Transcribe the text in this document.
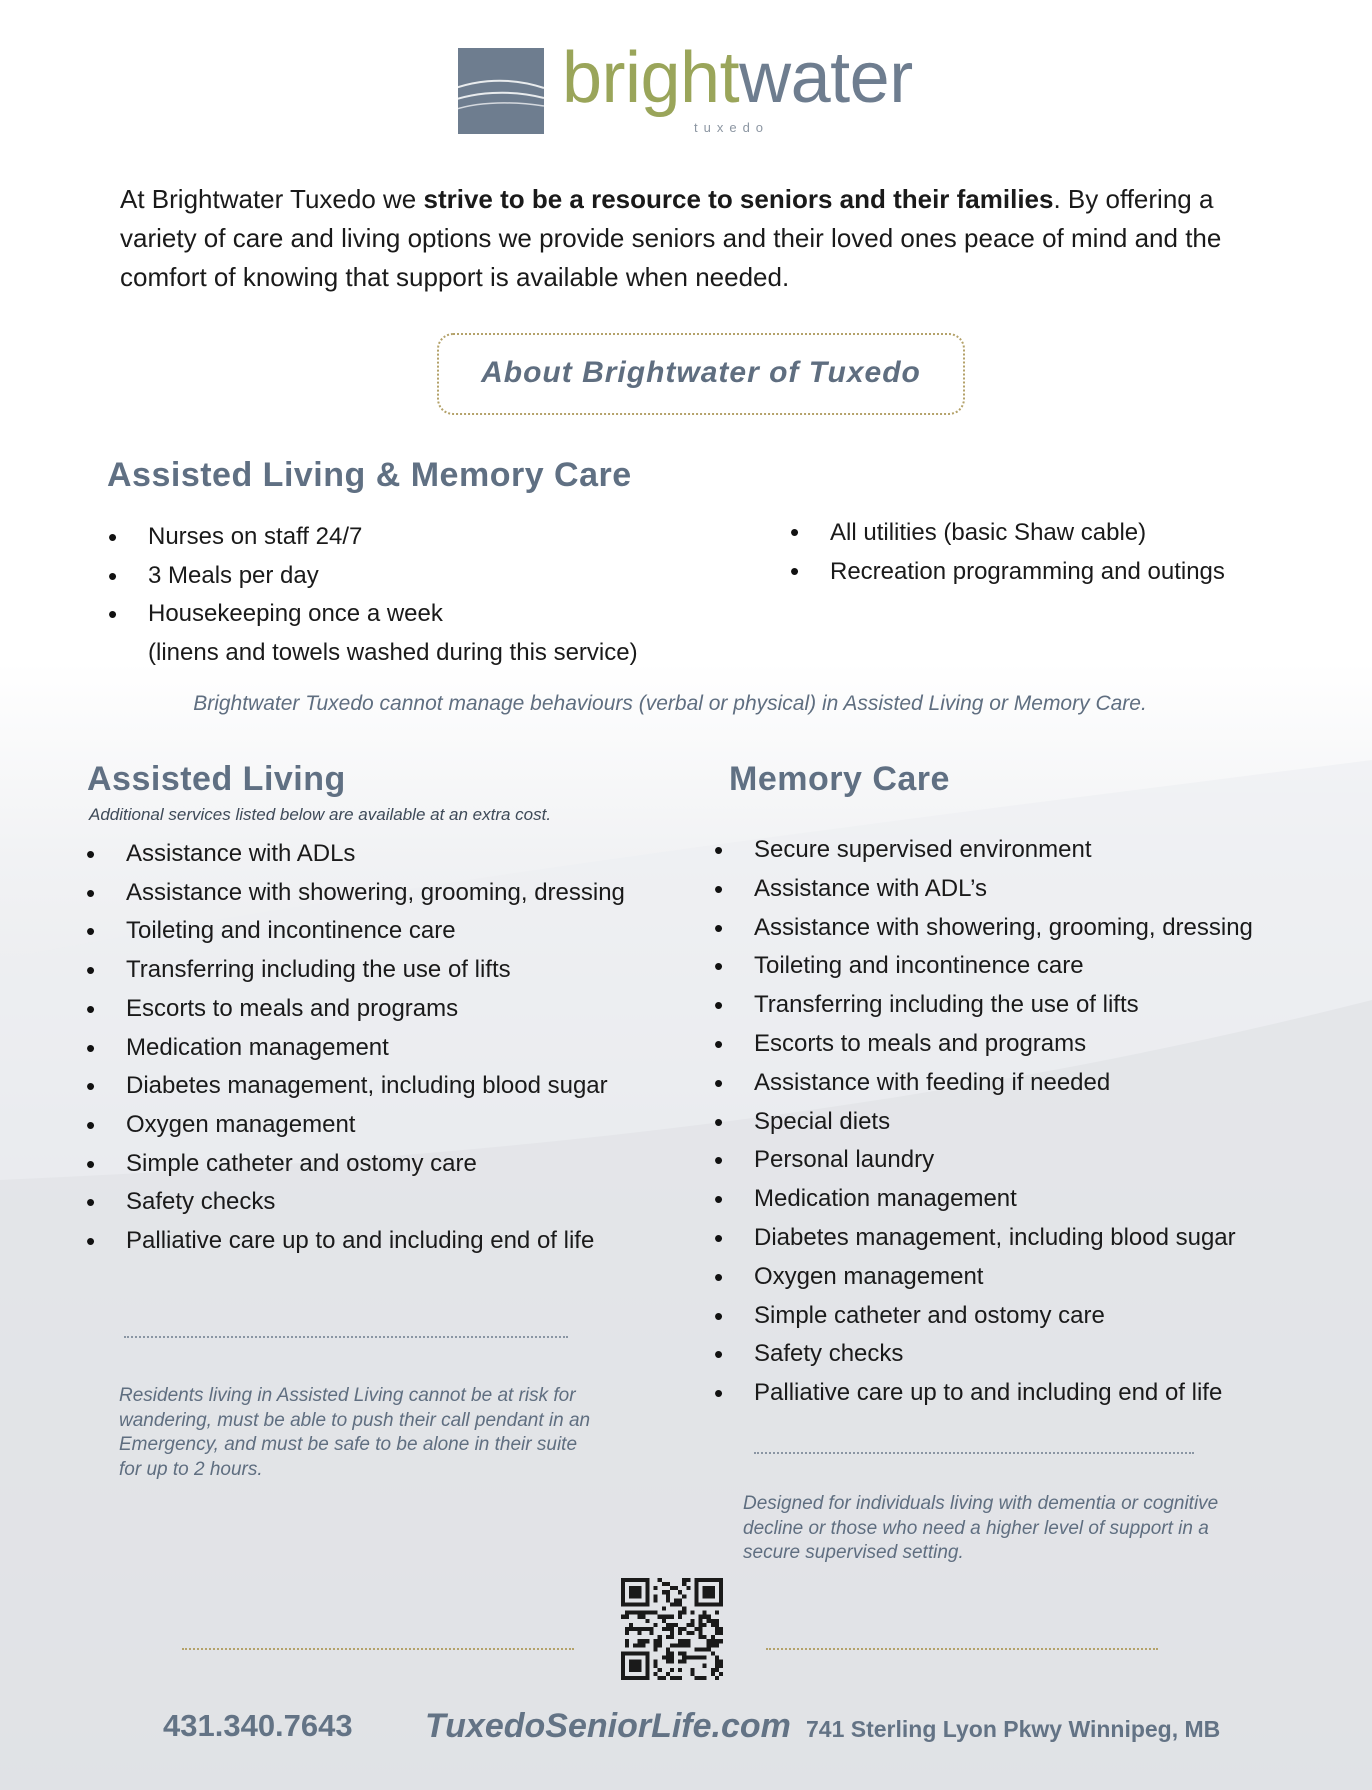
brightwater
tuxedo
At Brightwater Tuxedo we strive to be a resource to seniors and their families. By offering a variety of care and living options we provide seniors and their loved ones peace of mind and the comfort of knowing that support is available when needed.
About Brightwater of Tuxedo
Assisted Living & Memory Care
• Nurses on staff 24/7
• 3 Meals per day
• Housekeeping once a week
(linens and towels washed during this service)
• All utilities (basic Shaw cable)
• Recreation programming and outings
Brightwater Tuxedo cannot manage behaviours (verbal or physical) in Assisted Living or Memory Care.
Assisted Living
Additional services listed below are available at an extra cost.
• Assistance with ADLs
• Assistance with showering, grooming, dressing
• Toileting and incontinence care
• Transferring including the use of lifts
• Escorts to meals and programs
• Medication management
• Diabetes management, including blood sugar
• Oxygen management
• Simple catheter and ostomy care
• Safety checks
• Palliative care up to and including end of life
Residents living in Assisted Living cannot be at risk for wandering, must be able to push their call pendant in an Emergency, and must be safe to be alone in their suite for up to 2 hours.
Memory Care
• Secure supervised environment
• Assistance with ADL’s
• Assistance with showering, grooming, dressing
• Toileting and incontinence care
• Transferring including the use of lifts
• Escorts to meals and programs
• Assistance with feeding if needed
• Special diets
• Personal laundry
• Medication management
• Diabetes management, including blood sugar
• Oxygen management
• Simple catheter and ostomy care
• Safety checks
• Palliative care up to and including end of life
Designed for individuals living with dementia or cognitive decline or those who need a higher level of support in a secure supervised setting.
431.340.7643 TuxedoSeniorLife.com 741 Sterling Lyon Pkwy Winnipeg, MB
